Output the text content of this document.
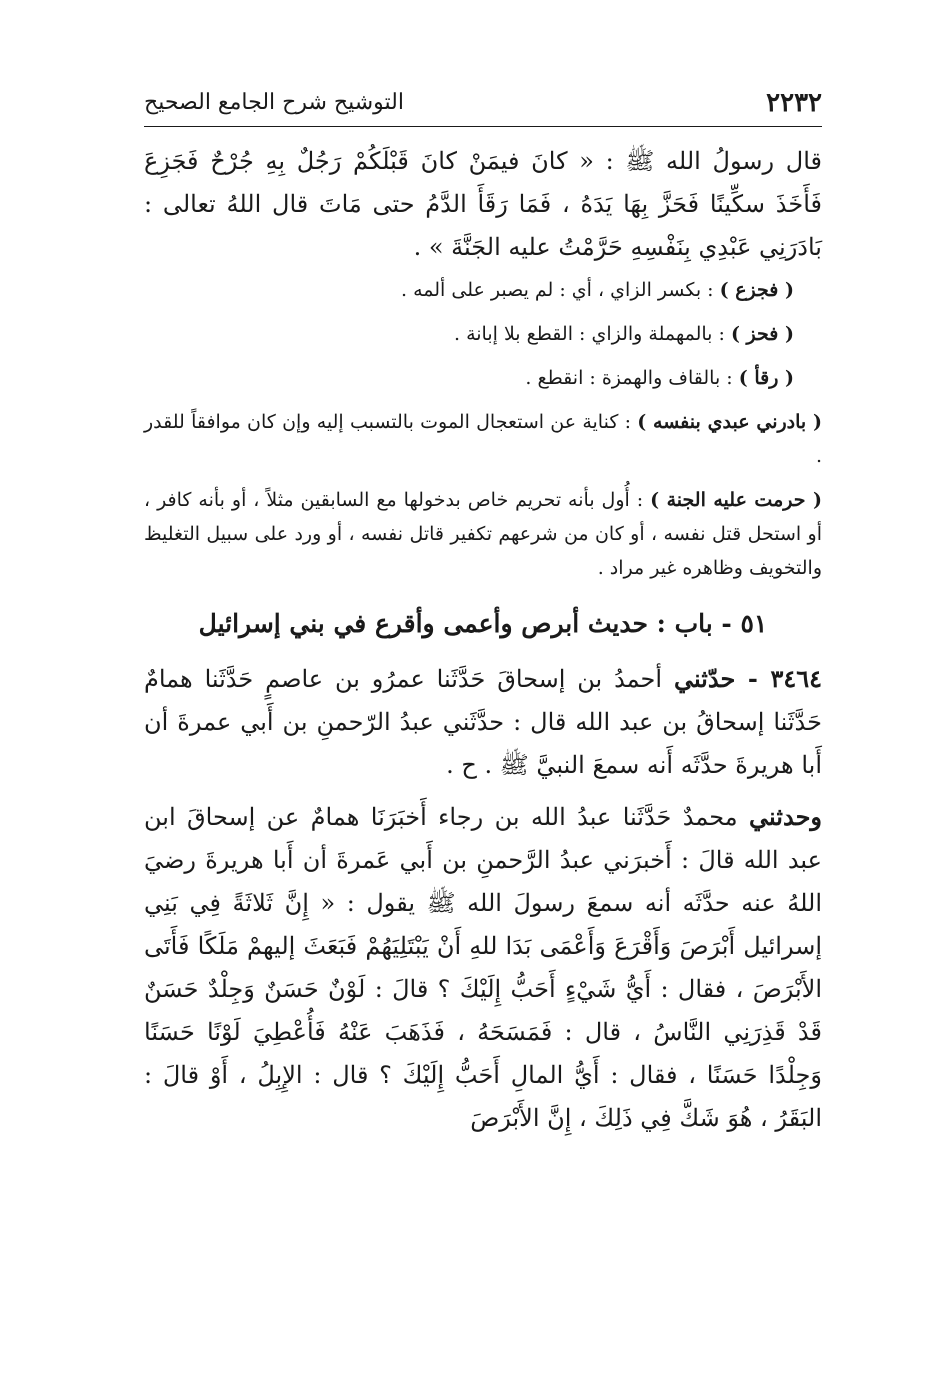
٢٢٣٢
التوشيح شرح الجامع الصحيح

قال رسولُ الله ﷺ : « كانَ فيمَنْ كانَ قَبْلَكُمْ رَجُلٌ بِهِ جُرْحٌ فَجَزِعَ فَأَخَذَ سكِّينًا فَحَزَّ بِهَا يَدَهُ ، فَمَا رَقَأَ الدَّمُ حتى مَاتَ قال اللهُ تعالى : بَادَرَنِي عَبْدِي بِنَفْسِهِ حَرَّمْتُ عليه الجَنَّةَ » .

( فجزع ) : بكسر الزاي ، أي : لم يصبر على ألمه .

( فحز ) : بالمهملة والزاي : القطع بلا إبانة .

( رقأ ) : بالقاف والهمزة : انقطع .

( بادرني عبدي بنفسه ) : كناية عن استعجال الموت بالتسبب إليه وإن كان موافقاً للقدر .

( حرمت عليه الجنة ) : أُول بأنه تحريم خاص بدخولها مع السابقين مثلاً ، أو بأنه كافر ، أو استحل قتل نفسه ، أو كان من شرعهم تكفير قاتل نفسه ، أو ورد على سبيل التغليظ والتخويف وظاهره غير مراد .

٥١ - باب : حديث أبرص وأعمى وأقرع في بني إسرائيل

٣٤٦٤ - حدّثني أحمدُ بن إسحاقَ حَدَّثَنا عمرُو بن عاصمٍ حَدَّثَنا همامٌ حَدَّثَنا إسحاقُ بن عبد الله قال : حدَّثَني عبدُ الرّحمنِ بن أَبي عمرةَ أن أَبا هريرةَ حدَّثَه أَنه سمعَ النبيَّ ﷺ . ح .

وحدثني محمدٌ حَدَّثَنا عبدُ الله بن رجاء أَخبَرَنَا همامٌ عن إسحاقَ ابن عبد الله قالَ : أَخبرَني عبدُ الرَّحمنِ بن أَبي عَمرةَ أن أَبا هريرةَ رضيَ اللهُ عنه حدَّثَه أنه سمعَ رسولَ الله ﷺ يقول : « إِنَّ ثَلاثَةً فِي بَنِي إسرائيل أَبْرَصَ وَأَقْرَعَ وَأَعْمَى بَدَا للهِ أَنْ يَبْتَلِيَهُمْ فَبَعَثَ إليهمْ مَلَكًا فَأَتَى الأَبْرَصَ ، فقال : أَيُّ شَيْءٍ أَحَبُّ إِلَيْكَ ؟ قالَ : لَوْنٌ حَسَنٌ وَجِلْدٌ حَسَنٌ قَدْ قَذِرَنِي النَّاسُ ، قال : فَمَسَحَهُ ، فَذَهَبَ عَنْهُ فَأُعْطِيَ لَوْنًا حَسَنًا وَجِلْدًا حَسَنًا ، فقال : أَيُّ المالِ أَحَبُّ إِلَيْكَ ؟ قال : الإِبِلُ ، أَوْ قالَ : البَقَرُ ، هُوَ شَكَّ فِي ذَلِكَ ، إِنَّ الأَبْرَصَ
